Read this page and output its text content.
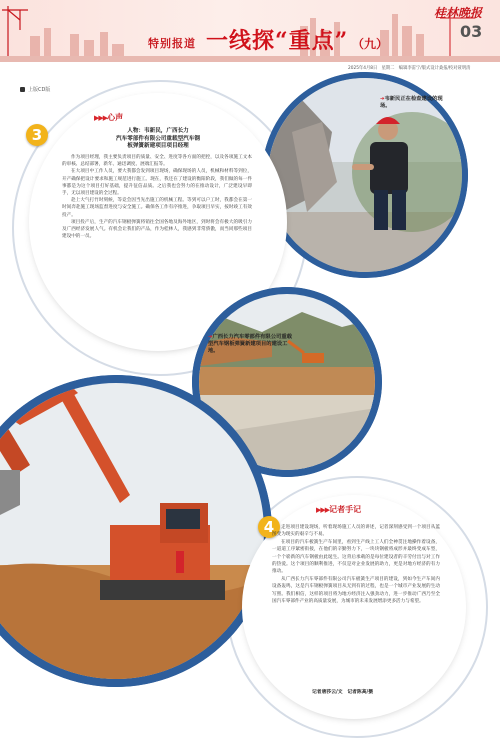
特别报道 一线探“重点” （九）
桂林晚报
03
2025年4月8日　星期二　编辑李雷宁/版式设计桑报/校对聂明清
上版CD版
3
▶▶▶心声
人物：韦新民，广西长力
汽车零部件有限公司重载型汽车钢
板弹簧新建项目项目经理

作为项目经理，我主要负责项目的质量、安全、进度等各方面的把控，以及各项施工文本的审核、总结部署，新年、通迅调度、展端汇报等。

在大项目中工作人员，要大我都会发到项目现场，确保现场的人员，机械和材料等到位，开产确保把设计要求和施工规范进行施工。现在，我还在了建设的衡阳阶段，我们做的每一件事都是为这个项目打好基础，提升征信品质。之后我也会努力的在推动设计，广泛建设早即手，无以项目建设的全过程。

赴上大气打竹时刻候，等竞会因当先出施工的机械工程。等到可以户工时，我都会在第一时间奔赴施工现场监督进度与安全施工。确保各工作有序推进，争取项目早实，按时竣工有效投产。

项目投产后，生产的汽车钢板弹簧将销往全国各地及海外地区，到时将会有极大的吸引力及广西经济发展人气。有机会让我们的产品，作为桂林人，我感到非常骄傲，而当同那些项目建设中的一员。

➜韦新民正在检查建设的现场。
➜广西长力汽车零部件有限公司重载型汽车钢板弹簧新建项目的建设工地。
4
▶▶▶记者手记

走进项目建设现场，听着现场施工人员的讲述，记者深刻感受到一个项目从蓝图变为现实的艰辛与不易。

在项目的汽车板簧生产车间里，看到生产线上工人们全神贯注地操作着设备，一道道工序紧密衔接，在他们的辛勤努力下，一块块钢板将成形并最终变成车型，一个个崭新的汽车钢板由此诞生。这背后承载的是每位建设者的辛劳付出与对工作的热爱。这个项目的顺利推进，不仅是对企业发展的助力，更是对地方经济的有力推动。

从广西长力汽车零部件有限公司汽车板簧生产项目的建设，到如今生产车间内设备轰鸣，这是汽车钢板弹簧项目从无到有的过程，也是一个城市产业发展的生动写照。我们相信，这样的项目将为地方经济注入强劲动力，进一步推动广西乃至全国汽车零部件产业的高质量发展，为城市的未来发展增添更多活力与希望。

记者唐莎云/文　记者陈高/摄
